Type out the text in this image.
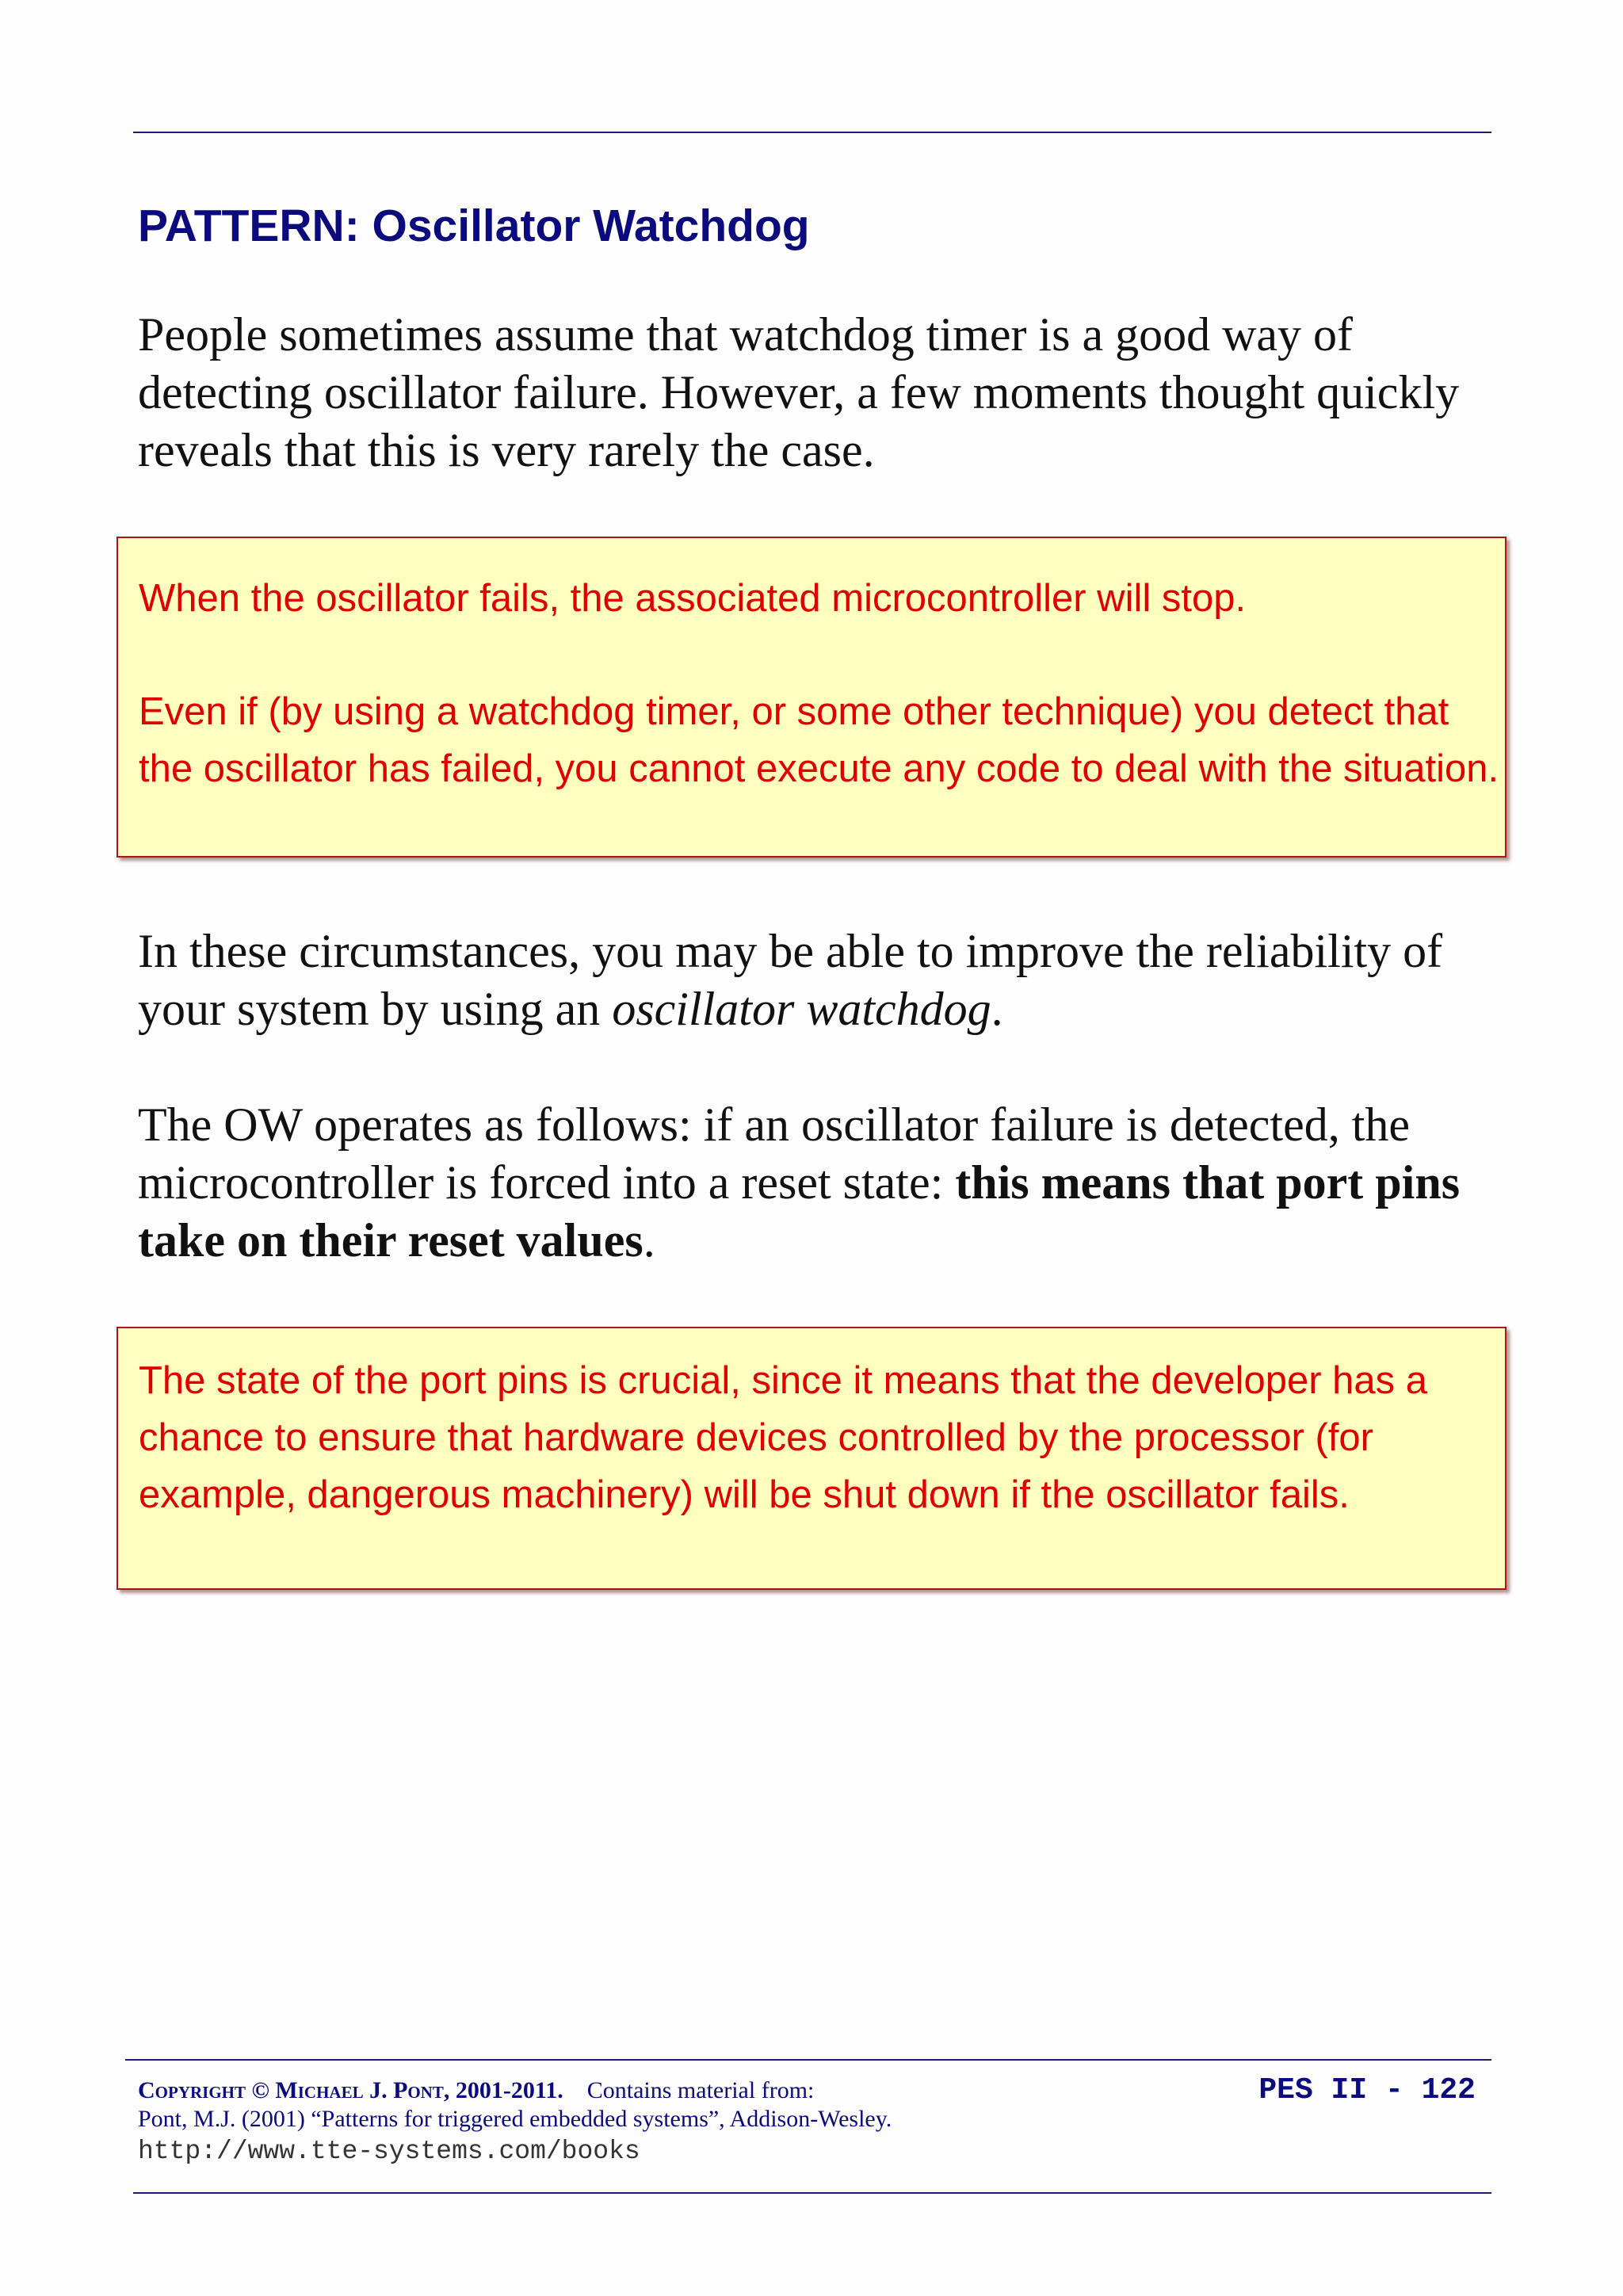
PATTERN: Oscillator Watchdog

People sometimes assume that watchdog timer is a good way of detecting oscillator failure. However, a few moments thought quickly reveals that this is very rarely the case.

When the oscillator fails, the associated microcontroller will stop.

Even if (by using a watchdog timer, or some other technique) you detect that the oscillator has failed, you cannot execute any code to deal with the situation.

In these circumstances, you may be able to improve the reliability of your system by using an oscillator watchdog.

The OW operates as follows: if an oscillator failure is detected, the microcontroller is forced into a reset state: this means that port pins take on their reset values.

The state of the port pins is crucial, since it means that the developer has a chance to ensure that hardware devices controlled by the processor (for example, dangerous machinery) will be shut down if the oscillator fails.

Copyright © Michael J. Pont, 2001-2011. Contains material from:

Pont, M.J. (2001) “Patterns for triggered embedded systems”, Addison-Wesley.

http://www.tte-systems.com/books

PES II - 122
